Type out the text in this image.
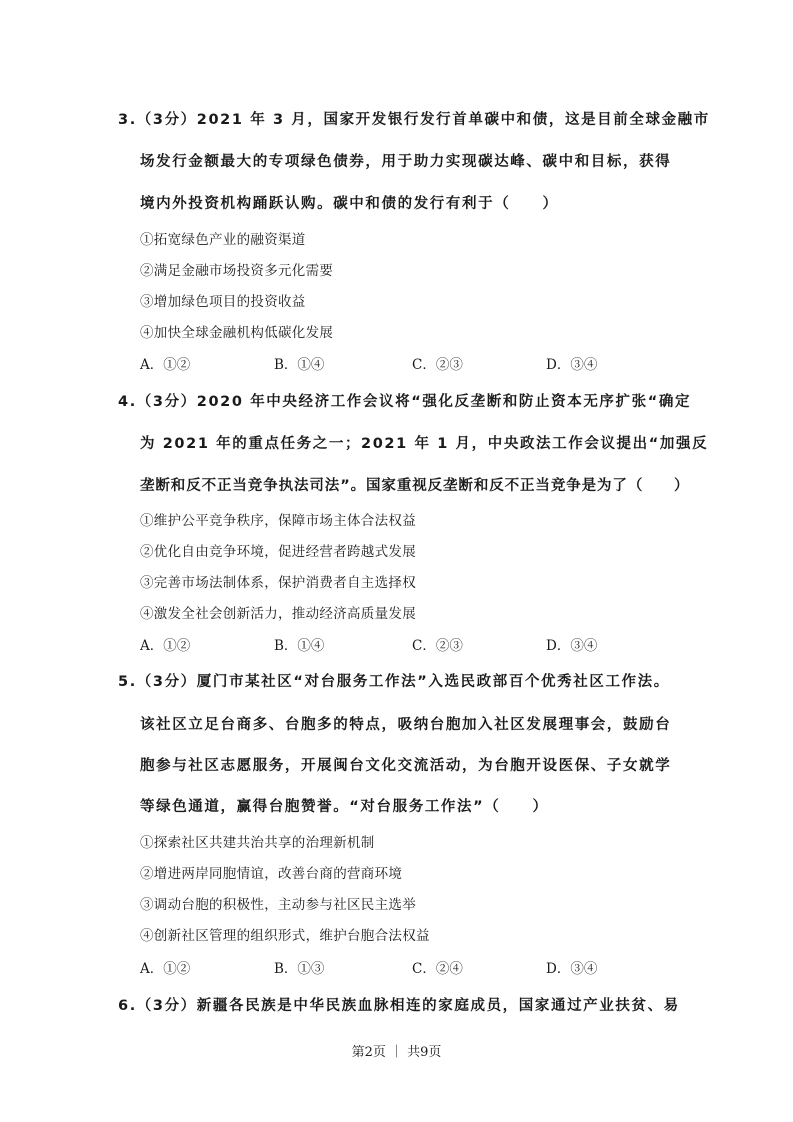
3.（3分）2021 年 3 月，国家开发银行发行首单碳中和债，这是目前全球金融市
场发行金额最大的专项绿色债券，用于助力实现碳达峰、碳中和目标，获得
境内外投资机构踊跃认购。碳中和债的发行有利于（　　）
①拓宽绿色产业的融资渠道
②满足金融市场投资多元化需要
③增加绿色项目的投资收益
④加快全球金融机构低碳化发展
A．①②	B．①④	C．②③	D．③④
4.（3分）2020 年中央经济工作会议将“强化反垄断和防止资本无序扩张“确定
为 2021 年的重点任务之一；2021 年 1 月，中央政法工作会议提出“加强反
垄断和反不正当竞争执法司法”。国家重视反垄断和反不正当竞争是为了（　　）
①维护公平竞争秩序，保障市场主体合法权益
②优化自由竞争环境，促进经营者跨越式发展
③完善市场法制体系，保护消费者自主选择权
④激发全社会创新活力，推动经济高质量发展
A．①②	B．①④	C．②③	D．③④
5.（3分）厦门市某社区“对台服务工作法”入选民政部百个优秀社区工作法。
该社区立足台商多、台胞多的特点，吸纳台胞加入社区发展理事会，鼓励台
胞参与社区志愿服务，开展闽台文化交流活动，为台胞开设医保、子女就学
等绿色通道，赢得台胞赞誉。“对台服务工作法”（　　）
①探索社区共建共治共享的治理新机制
②增进两岸同胞情谊，改善台商的营商环境
③调动台胞的积极性，主动参与社区民主选举
④创新社区管理的组织形式，维护台胞合法权益
A．①②	B．①③	C．②④	D．③④
6.（3分）新疆各民族是中华民族血脉相连的家庭成员，国家通过产业扶贫、易
第2页 ｜ 共9页
